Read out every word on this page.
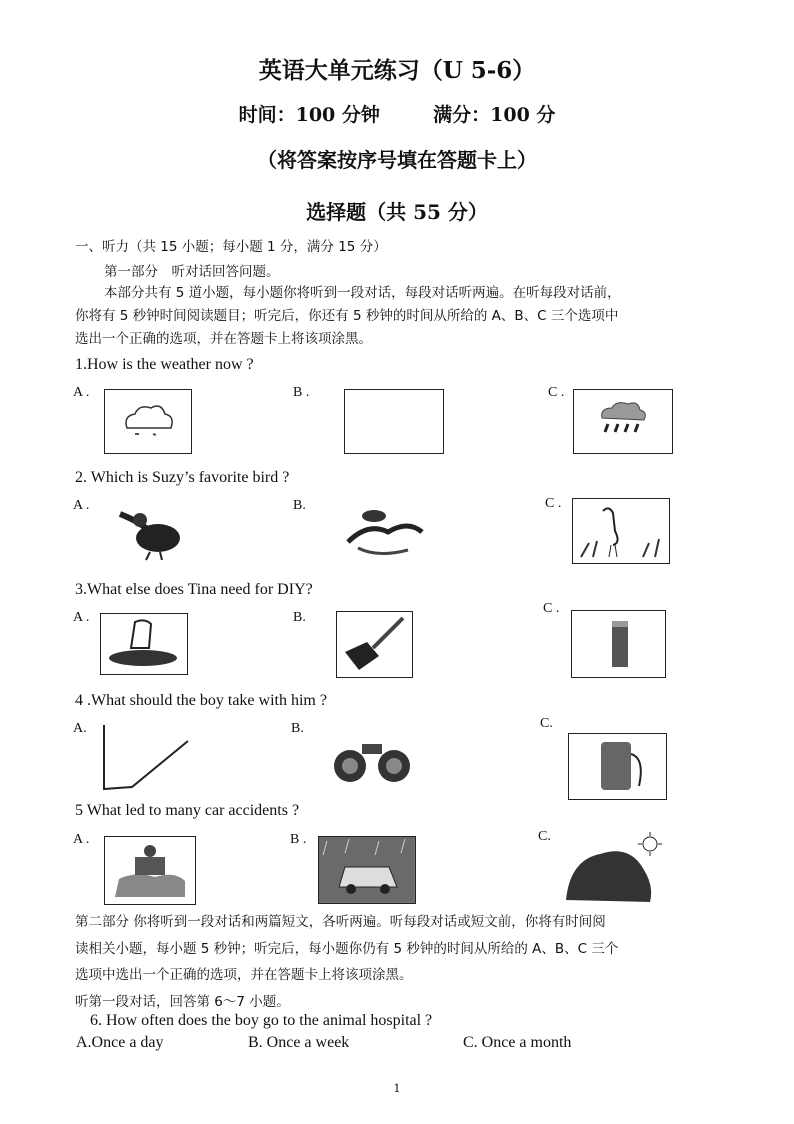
英语大单元练习（U 5-6）
时间：100 分钟	满分：100 分
（将答案按序号填在答题卡上）
选择题（共 55 分）
一、听力（共 15 小题；每小题 1 分，满分 15 分）
第一部分　听对话回答问题。
本部分共有 5 道小题，每小题你将听到一段对话，每段对话听两遍。在听每段对话前，
你将有 5 秒钟时间阅读题目；听完后，你还有 5 秒钟的时间从所给的 A、B、C 三个选项中
选出一个正确的选项，并在答题卡上将该项涂黑。
1.How is the weather now ?
A .	B .	C .
2. Which is Suzy’s favorite bird ?
A .	B.	C .
3.What else does Tina need for DIY?
A .	B.
C .
4 .What should the boy take with him ?
A.	B.	C.
5 What led to many car accidents ?
A .	B .	C.
第二部分 你将听到一段对话和两篇短文，各听两遍。听每段对话或短文前，你将有时间阅
读相关小题，每小题 5 秒钟；听完后，每小题你仍有 5 秒钟的时间从所给的 A、B、C 三个
选项中选出一个正确的选项，并在答题卡上将该项涂黑。
听第一段对话，回答第 6～7 小题。
6. How often does the boy go to the animal hospital ?
A.Once a day	B. Once a week	C. Once a month
1
